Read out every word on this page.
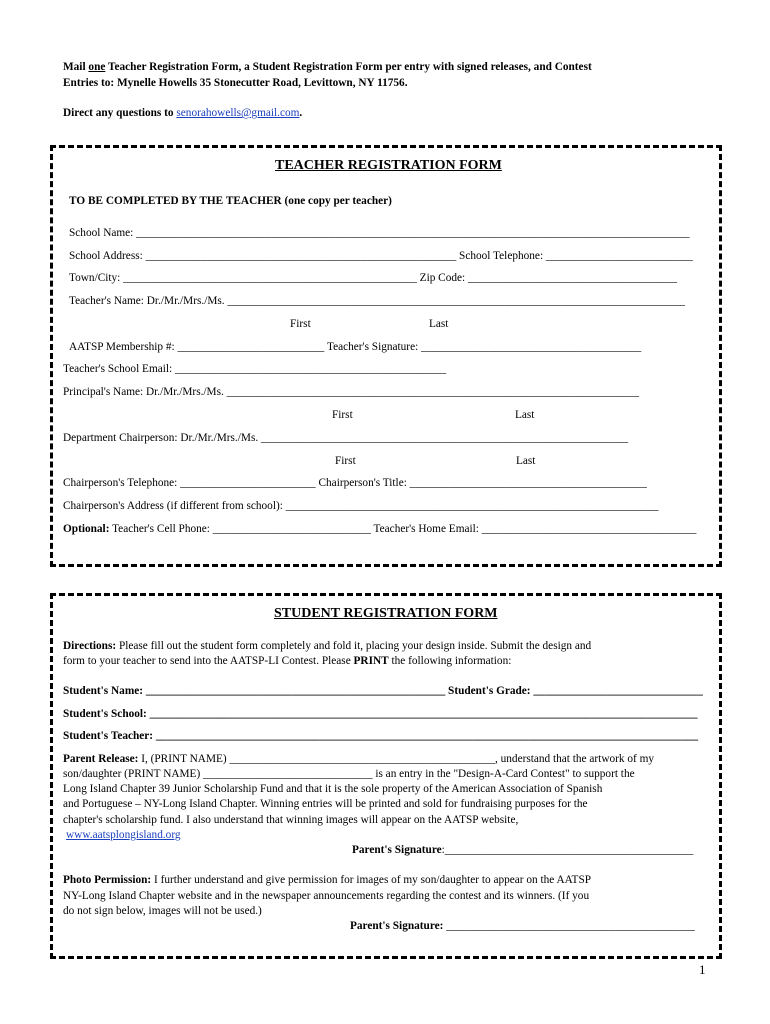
Mail one Teacher Registration Form, a Student Registration Form per entry with signed releases, and Contest
Entries to: Mynelle Howells 35 Stonecutter Road, Levittown, NY 11756.
Direct any questions to senorahowells@gmail.com.
TEACHER REGISTRATION FORM
TO BE COMPLETED BY THE TEACHER (one copy per teacher)
School Name: __________________________________________________________________________________________________
School Address: _______________________________________________________ School Telephone: __________________________
Town/City: ____________________________________________________ Zip Code: _____________________________________
Teacher's Name: Dr./Mr./Mrs./Ms. _________________________________________________________________________________
First	Last
AATSP Membership #: __________________________ Teacher's Signature: _______________________________________
Teacher's School Email: ________________________________________________
Principal's Name: Dr./Mr./Mrs./Ms. _________________________________________________________________________
First	Last
Department Chairperson: Dr./Mr./Mrs./Ms. _________________________________________________________________
First	Last
Chairperson's Telephone: ________________________ Chairperson's Title: __________________________________________
Chairperson's Address (if different from school): __________________________________________________________________
Optional: Teacher's Cell Phone: ____________________________ Teacher's Home Email: ______________________________________
STUDENT REGISTRATION FORM
Directions: Please fill out the student form completely and fold it, placing your design inside. Submit the design and
form to your teacher to send into the AATSP-LI Contest. Please PRINT the following information:
Student's Name: _____________________________________________________ Student's Grade: ______________________________
Student's School: _________________________________________________________________________________________________
Student's Teacher: ________________________________________________________________________________________________
Parent Release: I, (PRINT NAME) _______________________________________________, understand that the artwork of my
son/daughter (PRINT NAME) ______________________________ is an entry in the "Design-A-Card Contest" to support the
Long Island Chapter 39 Junior Scholarship Fund and that it is the sole property of the American Association of Spanish
and Portuguese – NY-Long Island Chapter. Winning entries will be printed and sold for fundraising purposes for the
chapter's scholarship fund. I also understand that winning images will appear on the AATSP website,
www.aatsplongisland.org
Parent's Signature:____________________________________________
Photo Permission: I further understand and give permission for images of my son/daughter to appear on the AATSP
NY-Long Island Chapter website and in the newspaper announcements regarding the contest and its winners. (If you
do not sign below, images will not be used.)
Parent's Signature: ____________________________________________
1
